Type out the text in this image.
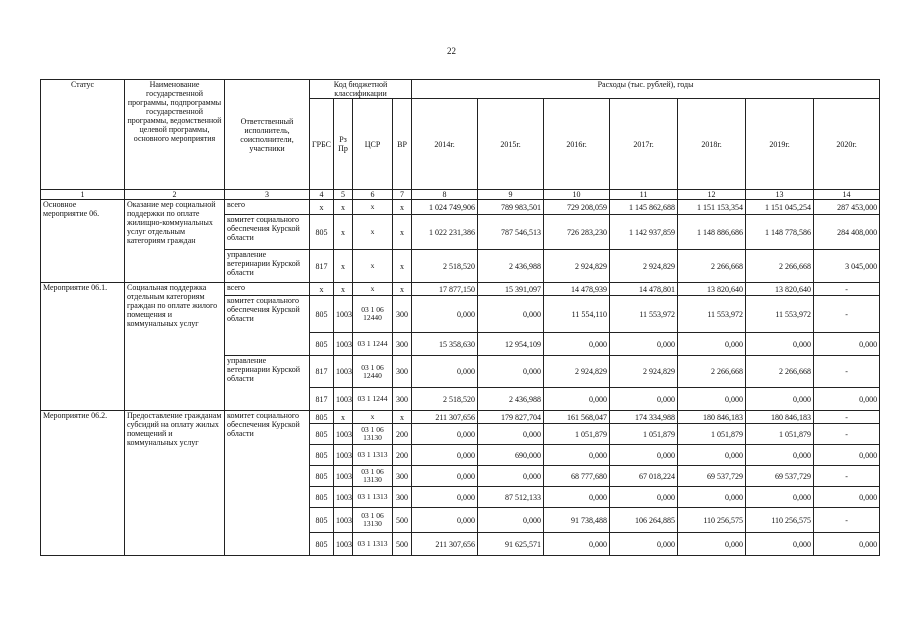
22
Статус	Наименование государственной программы, подпрограммы государственной программы, ведомственной целевой программы, основного мероприятия	Ответственный исполнитель, соисполнители, участники	Код бюджетной классификации				Расходы (тыс. рублей), годы						
			ГРБС	Рз Пр	ЦСР	ВР	2014г.	2015г.	2016г.	2017г.	2018г.	2019г.	2020г.
1	2	3	4	5	6	7	8	9	10	11	12	13	14
Основное мероприятие 06.	Оказание мер социальной поддержки по оплате жилищно-коммунальных услуг отдельным категориям граждан	всего	х	х	х	х	1 024 749,906	789 983,501	729 208,059	1 145 862,688	1 151 153,354	1 151 045,254	287 453,000
		комитет социального обеспечения Курской области	805	х	х	х	1 022 231,386	787 546,513	726 283,230	1 142 937,859	1 148 886,686	1 148 778,586	284 408,000
		управление ветеринарии Курской области	817	х	х	х	2 518,520	2 436,988	2 924,829	2 924,829	2 266,668	2 266,668	3 045,000
Мероприятие 06.1.	Социальная поддержка отдельным категориям граждан по оплате жилого помещения и коммунальных услуг	всего	х	х	х	х	17 877,150	15 391,097	14 478,939	14 478,801	13 820,640	13 820,640	-
		комитет социального обеспечения Курской области	805	1003	03 1 06 12440	300	0,000	0,000	11 554,110	11 553,972	11 553,972	11 553,972	-
			805	1003	03 1 1244	300	15 358,630	12 954,109	0,000	0,000	0,000	0,000	0,000
		управление ветеринарии Курской области	817	1003	03 1 06 12440	300	0,000	0,000	2 924,829	2 924,829	2 266,668	2 266,668	-
			817	1003	03 1 1244	300	2 518,520	2 436,988	0,000	0,000	0,000	0,000	0,000
Мероприятие 06.2.	Предоставление гражданам субсидий на оплату жилых помещений и коммунальных услуг	комитет социального обеспечения Курской области	805	х	х	х	211 307,656	179 827,704	161 568,047	174 334,988	180 846,183	180 846,183	-
			805	1003	03 1 06 13130	200	0,000	0,000	1 051,879	1 051,879	1 051,879	1 051,879	-
			805	1003	03 1 1313	200	0,000	690,000	0,000	0,000	0,000	0,000	0,000
			805	1003	03 1 06 13130	300	0,000	0,000	68 777,680	67 018,224	69 537,729	69 537,729	-
			805	1003	03 1 1313	300	0,000	87 512,133	0,000	0,000	0,000	0,000	0,000
			805	1003	03 1 06 13130	500	0,000	0,000	91 738,488	106 264,885	110 256,575	110 256,575	-
			805	1003	03 1 1313	500	211 307,656	91 625,571	0,000	0,000	0,000	0,000	0,000
